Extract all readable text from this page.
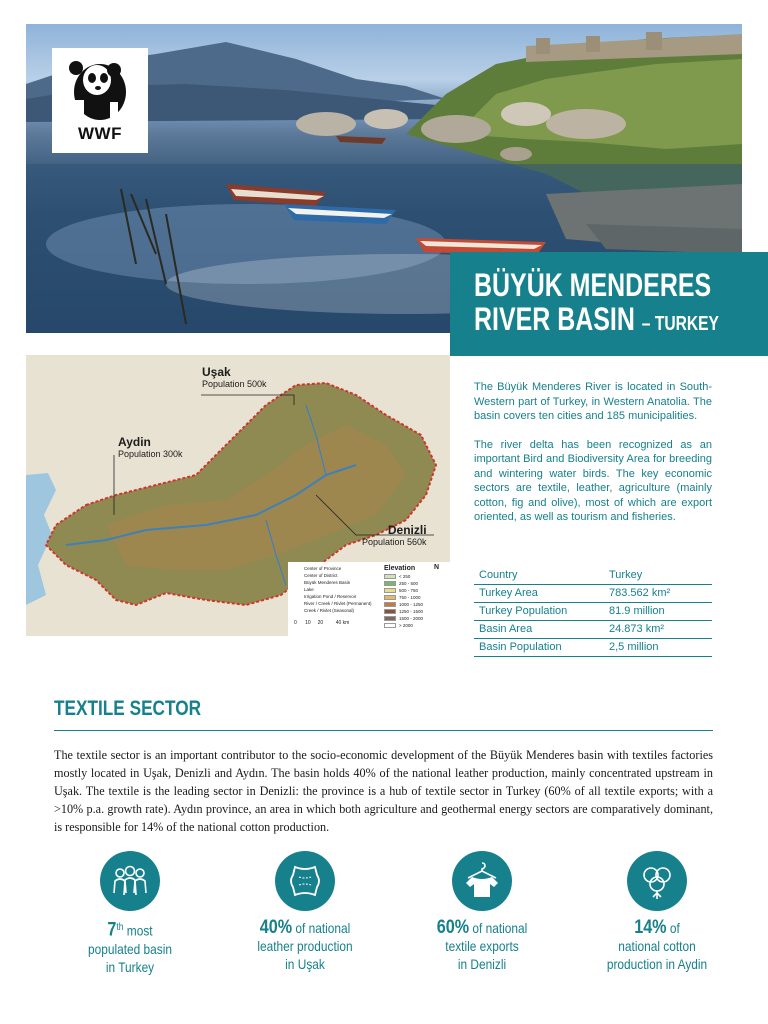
WWF
BÜYÜK MENDERES
RIVER BASIN – TURKEY
Uşak
Population 500k
Aydin
Population 300k
Denizli
Population 560k
Center of Province
Center of District
Büyük Menderes Basin
Lake
Irrigation Pond / Reservoir
River / Creek / Rivlet (Permanent)
Creek / Rivlet (Seasonal)
Elevation
< 250
250 - 500
500 - 750
750 - 1000
1000 - 1250
1250 - 1500
1500 - 2000
> 2000
0 10 20	40 km
N

The Büyük Menderes River is located in South-Western part of Turkey, in Western Anatolia. The basin covers ten cities and 185 municipalities.

The river delta has been recognized as an important Bird and Biodiversity Area for breeding and wintering water birds. The key economic sectors are textile, leather, agriculture (mainly cotton, fig and olive), most of which are export oriented, as well as tourism and fisheries.

Country	Turkey
Turkey Area	783.562 km²
Turkey Population	81.9 million
Basin Area	24.873 km²
Basin Population	2,5 million
TEXTILE SECTOR
The textile sector is an important contributor to the socio-economic development of the Büyük Menderes basin with textiles factories mostly located in Uşak, Denizli and Aydın. The basin holds 40% of the national leather production, mainly concentrated upstream in Uşak. The textile is the leading sector in Denizli: the province is a hub of textile sector in Turkey (60% of all textile exports; with a >10% p.a. growth rate). Aydın province, an area in which both agriculture and geothermal energy sectors are comparatively dominant, is responsible for 14% of the national cotton production.
7th most
populated basin
in Turkey
40% of national
leather production
in Uşak
60% of national
textile exports
in Denizli
14% of
national cotton
production in Aydin
